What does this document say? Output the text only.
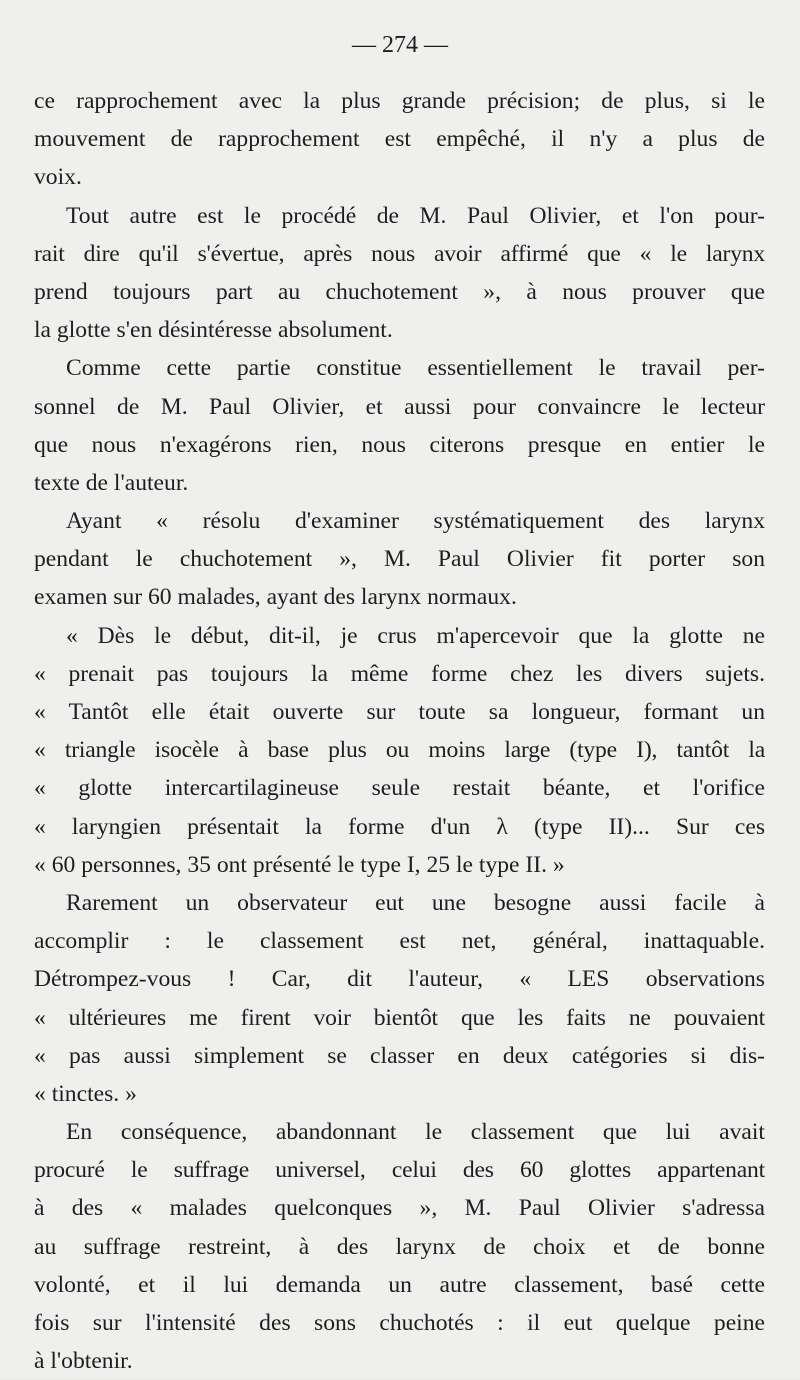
— 274 —
ce rapprochement avec la plus grande précision; de plus, si le
mouvement de rapprochement est empêché, il n'y a plus de
voix.
Tout autre est le procédé de M. Paul Olivier, et l'on pour-
rait dire qu'il s'évertue, après nous avoir affirmé que « le larynx
prend toujours part au chuchotement », à nous prouver que
la glotte s'en désintéresse absolument.
Comme cette partie constitue essentiellement le travail per-
sonnel de M. Paul Olivier, et aussi pour convaincre le lecteur
que nous n'exagérons rien, nous citerons presque en entier le
texte de l'auteur.
Ayant « résolu d'examiner systématiquement des larynx
pendant le chuchotement », M. Paul Olivier fit porter son
examen sur 60 malades, ayant des larynx normaux.
« Dès le début, dit-il, je crus m'apercevoir que la glotte ne
« prenait pas toujours la même forme chez les divers sujets.
« Tantôt elle était ouverte sur toute sa longueur, formant un
« triangle isocèle à base plus ou moins large (type I), tantôt la
« glotte intercartilagineuse seule restait béante, et l'orifice
« laryngien présentait la forme d'un λ (type II)... Sur ces
« 60 personnes, 35 ont présenté le type I, 25 le type II. »
Rarement un observateur eut une besogne aussi facile à
accomplir : le classement est net, général, inattaquable.
Détrompez-vous ! Car, dit l'auteur, « LES observations
« ultérieures me firent voir bientôt que les faits ne pouvaient
« pas aussi simplement se classer en deux catégories si dis-
« tinctes. »
En conséquence, abandonnant le classement que lui avait
procuré le suffrage universel, celui des 60 glottes appartenant
à des « malades quelconques », M. Paul Olivier s'adressa
au suffrage restreint, à des larynx de choix et de bonne
volonté, et il lui demanda un autre classement, basé cette
fois sur l'intensité des sons chuchotés : il eut quelque peine
à l'obtenir.
